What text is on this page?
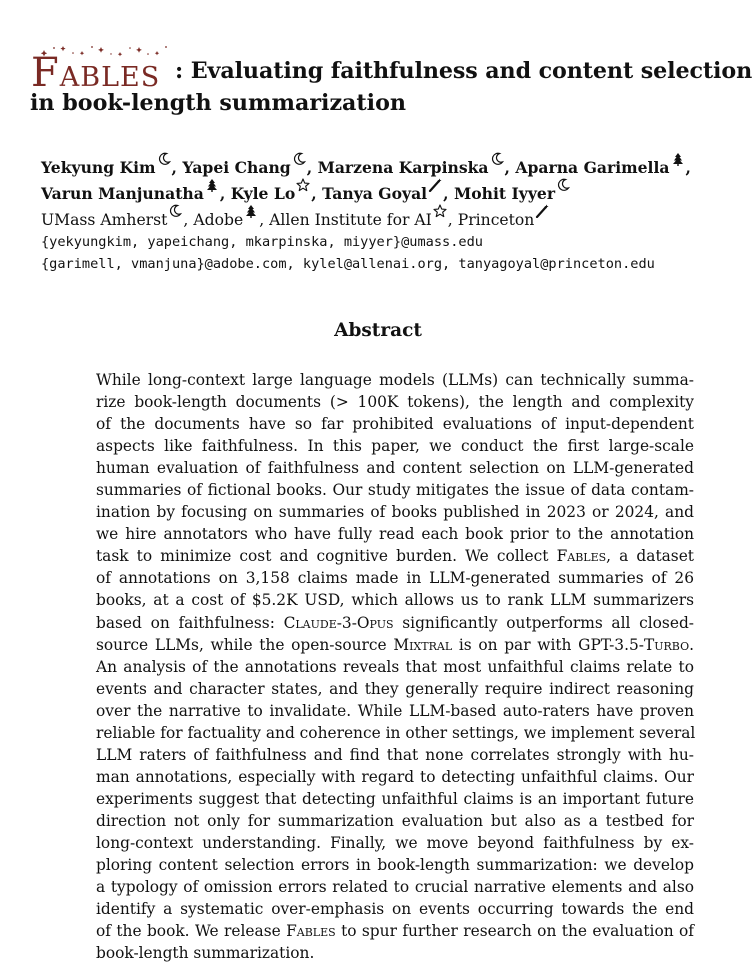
FABLES : Evaluating faithfulness and content selection
in book-length summarization
Yekyung Kim , Yapei Chang , Marzena Karpinska , Aparna Garimella ,
Varun Manjunatha , Kyle Lo , Tanya Goyal , Mohit Iyyer
UMass Amherst , Adobe , Allen Institute for AI , Princeton
{yekyungkim, yapeichang, mkarpinska, miyyer}@umass.edu
{garimell, vmanjuna}@adobe.com, kylel@allenai.org, tanyagoyal@princeton.edu
Abstract
While long-context large language models (LLMs) can technically summa-
rize book-length documents (> 100K tokens), the length and complexity
of the documents have so far prohibited evaluations of input-dependent
aspects like faithfulness. In this paper, we conduct the first large-scale
human evaluation of faithfulness and content selection on LLM-generated
summaries of fictional books. Our study mitigates the issue of data contam-
ination by focusing on summaries of books published in 2023 or 2024, and
we hire annotators who have fully read each book prior to the annotation
task to minimize cost and cognitive burden. We collect Fables, a dataset
of annotations on 3,158 claims made in LLM-generated summaries of 26
books, at a cost of $5.2K USD, which allows us to rank LLM summarizers
based on faithfulness: Claude-3-Opus significantly outperforms all closed-
source LLMs, while the open-source Mixtral is on par with GPT-3.5-Turbo.
An analysis of the annotations reveals that most unfaithful claims relate to
events and character states, and they generally require indirect reasoning
over the narrative to invalidate. While LLM-based auto-raters have proven
reliable for factuality and coherence in other settings, we implement several
LLM raters of faithfulness and find that none correlates strongly with hu-
man annotations, especially with regard to detecting unfaithful claims. Our
experiments suggest that detecting unfaithful claims is an important future
direction not only for summarization evaluation but also as a testbed for
long-context understanding. Finally, we move beyond faithfulness by ex-
ploring content selection errors in book-length summarization: we develop
a typology of omission errors related to crucial narrative elements and also
identify a systematic over-emphasis on events occurring towards the end
of the book. We release Fables to spur further research on the evaluation of
book-length summarization.
